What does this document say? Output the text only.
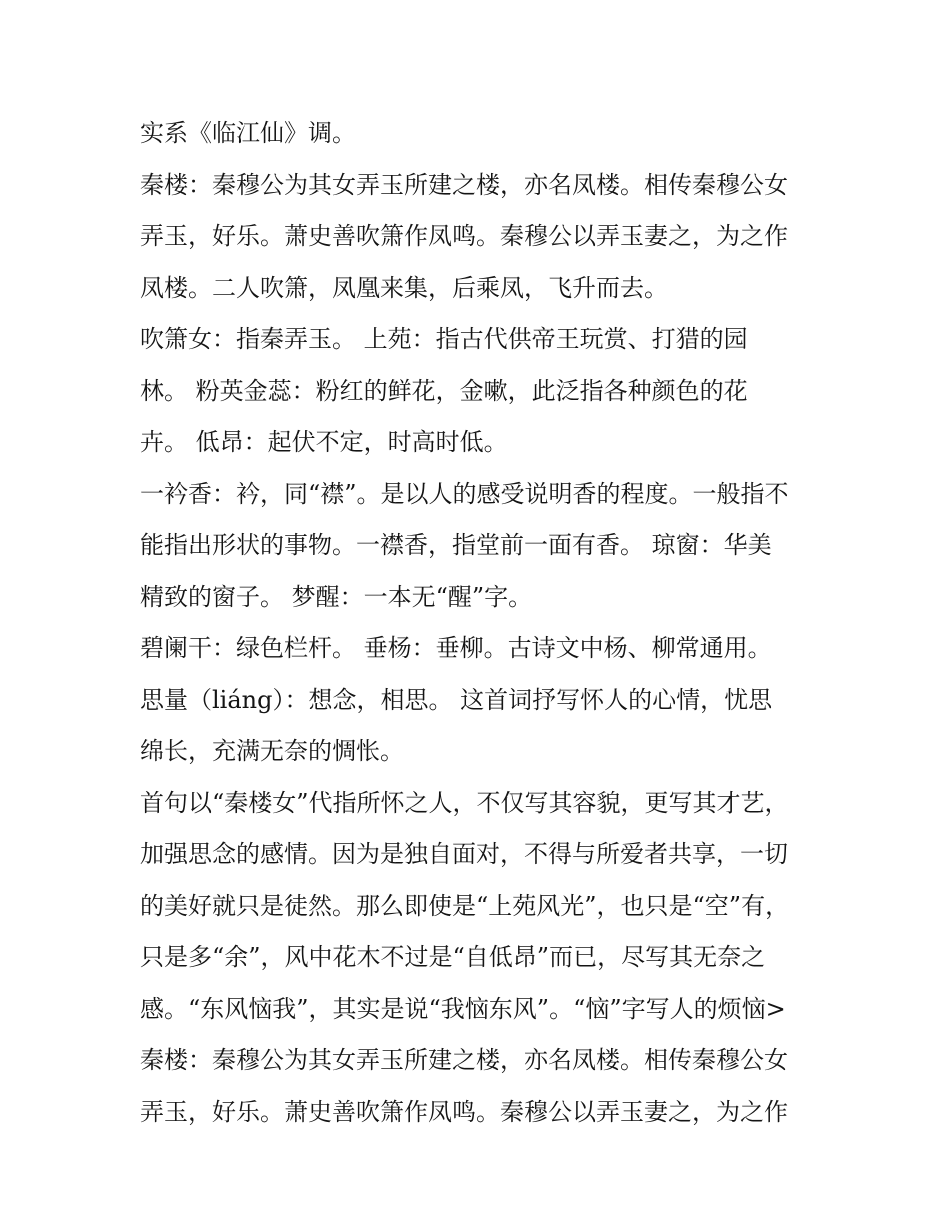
实系《临江仙》调。
秦楼：秦穆公为其女弄玉所建之楼，亦名凤楼。相传秦穆公女
弄玉，好乐。萧史善吹箫作凤鸣。秦穆公以弄玉妻之，为之作
凤楼。二人吹箫，凤凰来集，后乘凤，飞升而去。
吹箫女：指秦弄玉。 上苑：指古代供帝王玩赏、打猎的园
林。 粉英金蕊：粉红的鲜花，金嗽，此泛指各种颜色的花
卉。 低昂：起伏不定，时高时低。
一衿香：衿，同“襟”。是以人的感受说明香的程度。一般指不
能指出形状的事物。一襟香，指堂前一面有香。 琼窗：华美
精致的窗子。 梦醒：一本无“醒”字。
碧阑干：绿色栏杆。 垂杨：垂柳。古诗文中杨、柳常通用。
思量（liáng）：想念，相思。 这首词抒写怀人的心情，忧思
绵长，充满无奈的惆怅。
首句以“秦楼女”代指所怀之人，不仅写其容貌，更写其才艺，
加强思念的感情。因为是独自面对，不得与所爱者共享，一切
的美好就只是徒然。那么即使是“上苑风光”，也只是“空”有，
只是多“余”，风中花木不过是“自低昂”而已，尽写其无奈之
感。“东风恼我”，其实是说“我恼东风”。“恼”字写人的烦恼>
秦楼：秦穆公为其女弄玉所建之楼，亦名凤楼。相传秦穆公女
弄玉，好乐。萧史善吹箫作凤鸣。秦穆公以弄玉妻之，为之作
